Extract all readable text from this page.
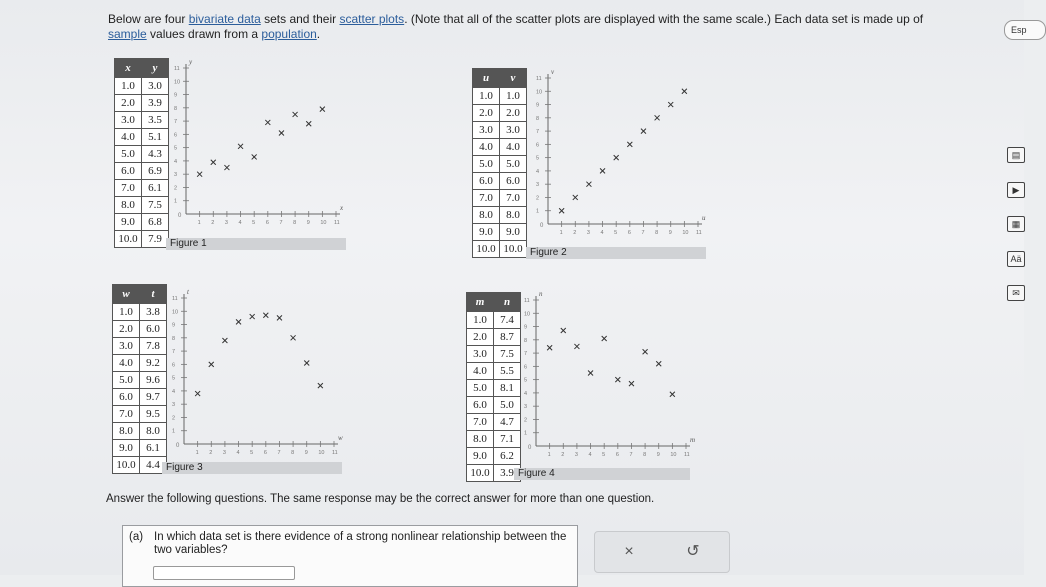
Below are four bivariate data sets and their scatter plots. (Note that all of the scatter plots are displayed with the same scale.) Each data set is made up of
sample values drawn from a population.	Esp
▤
▶
▦
Aä
✉
x	y
1.0	3.0
2.0	3.9
3.0	3.5
4.0	5.1
5.0	4.3
6.0	6.9
7.0	6.1
8.0	7.5
9.0	6.8
10.0	7.9
x
y
0
1 2 3 4 5 6 7 8 9 10 11
1
2
3
4
5
6
7
8
9
10
11
Figure 1
u	v
1.0	1.0
2.0	2.0
3.0	3.0
4.0	4.0
5.0	5.0
6.0	6.0
7.0	7.0
8.0	8.0
9.0	9.0
10.0	10.0
u
v
0
1 2 3 4 5 6 7 8 9 10 11
1
2
3
4
5
6
7
8
9
10
11
Figure 2
w	t
1.0	3.8
2.0	6.0
3.0	7.8
4.0	9.2
5.0	9.6
6.0	9.7
7.0	9.5
8.0	8.0
9.0	6.1
10.0	4.4
w
t
0
1 2 3 4 5 6 7 8 9 10 11
1
2
3
4
5
6
7
8
9
10
11
Figure 3
m	n
1.0	7.4
2.0	8.7
3.0	7.5
4.0	5.5
5.0	8.1
6.0	5.0
7.0	4.7
8.0	7.1
9.0	6.2
10.0	3.9
m
n
0
1 2 3 4 5 6 7 8 9 10 11
1
2
3
4
5
6
7
8
9
10
11
Figure 4
Answer the following questions. The same response may be the correct answer for more than one question.
(a) In which data set is there evidence of a strong nonlinear relationship between the two variables?	×	↺
